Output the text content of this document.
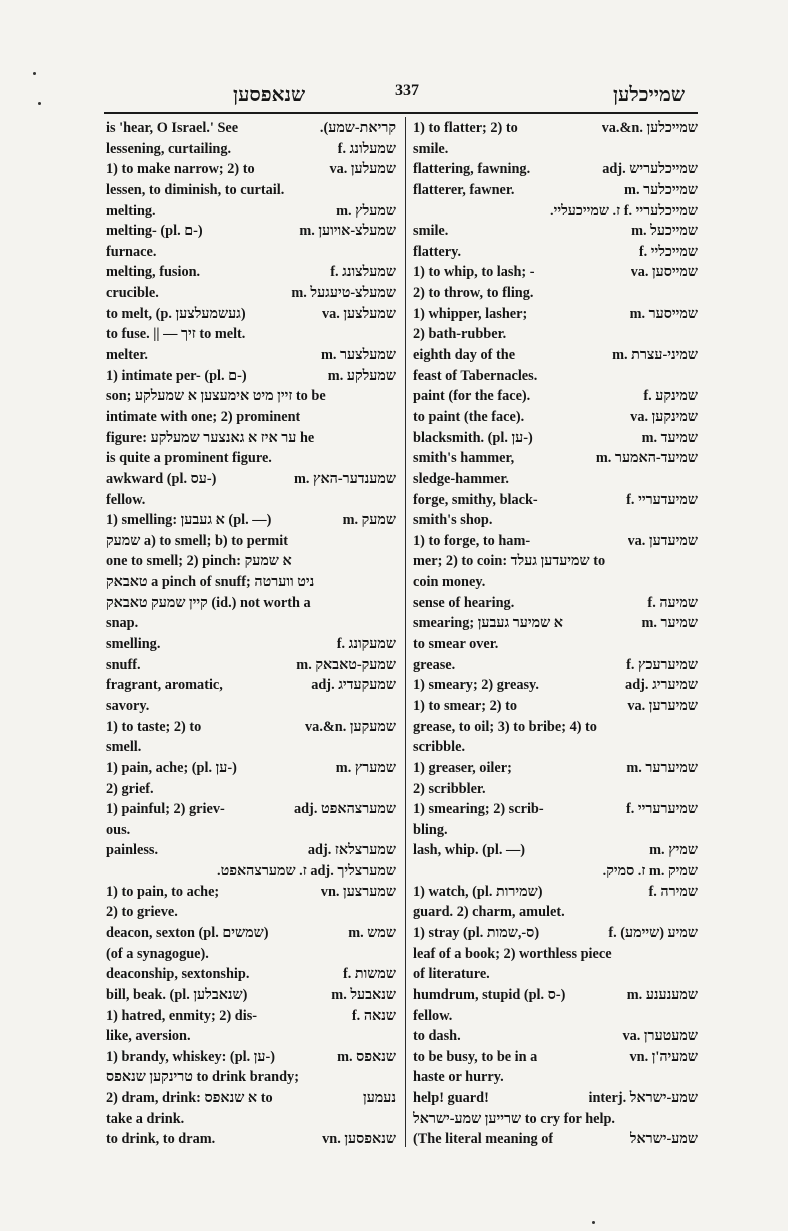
שנאפסען	337	שמייכלען
is 'hear, O Israel.' See	קריאת-שמע).
lessening, curtailing.	שמעלונג .f
1) to make narrow; 2) to	שמעלען .va
lessen, to diminish, to curtail.
melting.	שמעלץ .m
melting- (pl. ם-)	שמעלצ-אויוען .m
furnace.
melting, fusion.	שמעלצונג .f
crucible.	שמעלצ-טיעגעל .m
to melt, (p. געשמעלצען)	שמעלצען .va
to fuse. || — זיך to melt.
melter.	שמעלצער .m
1) intimate per- (pl. ם-)	שמעלקע .m
son; זיין מיט אימעצען א שמעלקע to be
intimate with one; 2) prominent
figure: ער איז א גאנצער שמעלקע he
is quite a prominent figure.
awkward (pl. עס-)	שמענדער-האץ .m
fellow.
1) smelling: א געבען (pl. —)	שמעק .m
שמעק a) to smell; b) to permit
one to smell; 2) pinch: א שמעק
טאבאק a pinch of snuff; ניט ווערטה
קיין שמעק טאבאק (id.) not worth a
snap.
smelling.	שמעקונג .f
snuff.	שמעק-טאבאק .m
fragrant, aromatic,	שמעקעדיג .adj
savory.
1) to taste; 2) to	שמעקען .va.&n
smell.
1) pain, ache; (pl. ען-)	שמערץ .m
2) grief.
1) painful; 2) griev-	שמערצהאפט .adj
ous.
painless.	שמערצלאז .adj
שמערצליך .adj ז. שמערצהאפט.
1) to pain, to ache;	שמערצען .vn
2) to grieve.
deacon, sexton (pl. שמשים)	שמש .m
(of a synagogue).
deaconship, sextonship.	שמשות .f
bill, beak. (pl. שנאבלען)	שנאבעל .m
1) hatred, enmity; 2) dis-	שנאה .f
like, aversion.
1) brandy, whiskey: (pl. ען-)	שנאפס .m
טרינקען שנאפס to drink brandy;
2) dram, drink: א שנאפס to	נעמען
take a drink.
to drink, to dram.	שנאפסען .vn
1) to flatter; 2) to	שמייכלען .va.&n
smile.
flattering, fawning.	שמייכלעריש .adj
flatterer, fawner.	שמייכלער .m
שמייכלעריי .f ז. שמייכעליי.
smile.	שמייכעל .m
flattery.	שמייכליי .f
1) to whip, to lash; -	שמייסען .va
2) to throw, to fling.
1) whipper, lasher;	שמייסער .m
2) bath-rubber.
eighth day of the	שמיני-עצרת .m
feast of Tabernacles.
paint (for the face).	שמינקע .f
to paint (the face).	שמינקען .va
blacksmith. (pl. ען-)	שמיעד .m
smith's hammer,	שמיעד-האמער .m
sledge-hammer.
forge, smithy, black-	שמיעדעריי .f
smith's shop.
1) to forge, to ham-	שמיעדען .va
mer; 2) to coin: שמיעדען געלד to
coin money.
sense of hearing.	שמיעה .f
smearing; א שמיער געבען	שמיער .m
to smear over.
grease.	שמיערעכץ .f
1) smeary; 2) greasy.	שמיעריג .adj
1) to smear; 2) to	שמיערען .va
grease, to oil; 3) to bribe; 4) to
scribble.
1) greaser, oiler;	שמיערער .m
2) scribbler.
1) smearing; 2) scrib-	שמיערעריי .f
bling.
lash, whip. (pl. —)	שמיץ .m
שמיק .m ז. סמיק.
1) watch, (pl. שמירות)	שמירה .f
guard. 2) charm, amulet.
1) stray (pl. ס-,שמות)	שמיע (שיימע) .f
leaf of a book; 2) worthless piece
of literature.
humdrum, stupid (pl. ס-)	שמענענע .m
fellow.
to dash.	שמעטערן .va
to be busy, to be in a	שמעיה'ן .vn
haste or hurry.
help! guard!	שמע-ישראל .interj
שרייען שמע-ישראל to cry for help.
(The literal meaning of	שמע-ישראל
